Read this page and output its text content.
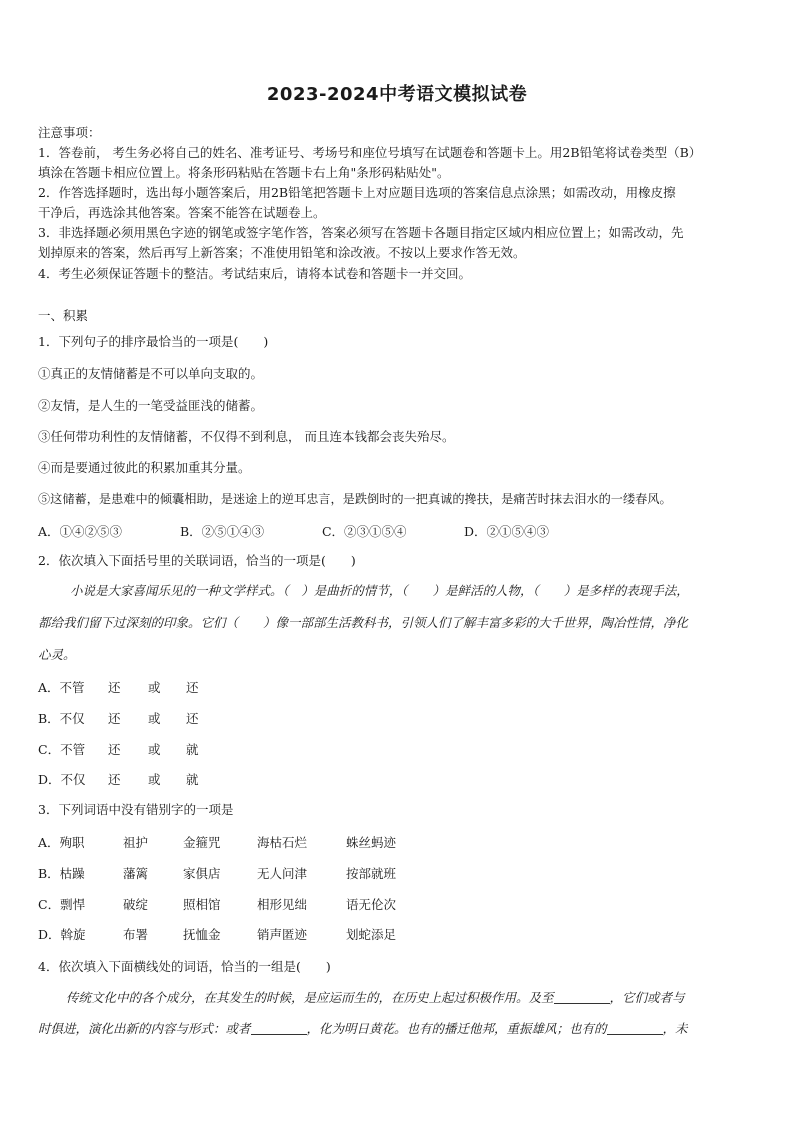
2023-2024中考语文模拟试卷
注意事项：
1．答卷前， 考生务必将自己的姓名、准考证号、考场号和座位号填写在试题卷和答题卡上。用2B铅笔将试卷类型（B）
填涂在答题卡相应位置上。将条形码粘贴在答题卡右上角"条形码粘贴处"。
2．作答选择题时，选出每小题答案后，用2B铅笔把答题卡上对应题目选项的答案信息点涂黑；如需改动，用橡皮擦
干净后，再选涂其他答案。答案不能答在试题卷上。
3．非选择题必须用黑色字迹的钢笔或签字笔作答，答案必须写在答题卡各题目指定区域内相应位置上；如需改动，先
划掉原来的答案，然后再写上新答案；不准使用铅笔和涂改液。不按以上要求作答无效。
4．考生必须保证答题卡的整洁。考试结束后，请将本试卷和答题卡一并交回。
一、积累
1．下列句子的排序最恰当的一项是(　　)
①真正的友情储蓄是不可以单向支取的。
②友情，是人生的一笔受益匪浅的储蓄。
③任何带功利性的友情储蓄，不仅得不到利息， 而且连本钱都会丧失殆尽。
④而是要通过彼此的积累加重其分量。
⑤这储蓄，是患难中的倾囊相助，是迷途上的逆耳忠言，是跌倒时的一把真诚的搀扶，是痛苦时抹去泪水的一缕春风。
A．①④②⑤③	B．②⑤①④③	C．②③①⑤④	D．②①⑤④③
2．依次填入下面括号里的关联词语，恰当的一项是(　　)
小说是大家喜闻乐见的一种文学样式。（　）是曲折的情节，（　　）是鲜活的人物，（　　）是多样的表现手法，
都给我们留下过深刻的印象。它们（　　）像一部部生活教科书，引领人们了解丰富多彩的大千世界，陶冶性情，净化
心灵。
A．不管 还 或 还
B．不仅 还 或 还
C．不管 还 或 就
D．不仅 还 或 就
3．下列词语中没有错别字的一项是
A．殉职	祖护	金箍咒	海枯石烂	蛛丝蚂迹
B．枯躁	藩篱	家俱店	无人问津	按部就班
C．剽悍	破绽	照相馆	相形见绌	语无伦次
D．斡旋	布署	抚恤金	销声匿迹	划蛇添足
4．依次填入下面横线处的词语，恰当的一组是(　　)
传统文化中的各个成分，在其发生的时候，是应运而生的，在历史上起过积极作用。及至	，它们或者与
时俱进，演化出新的内容与形式：或者	，化为明日黄花。也有的播迁他邦，重振雄风；也有的	，未
